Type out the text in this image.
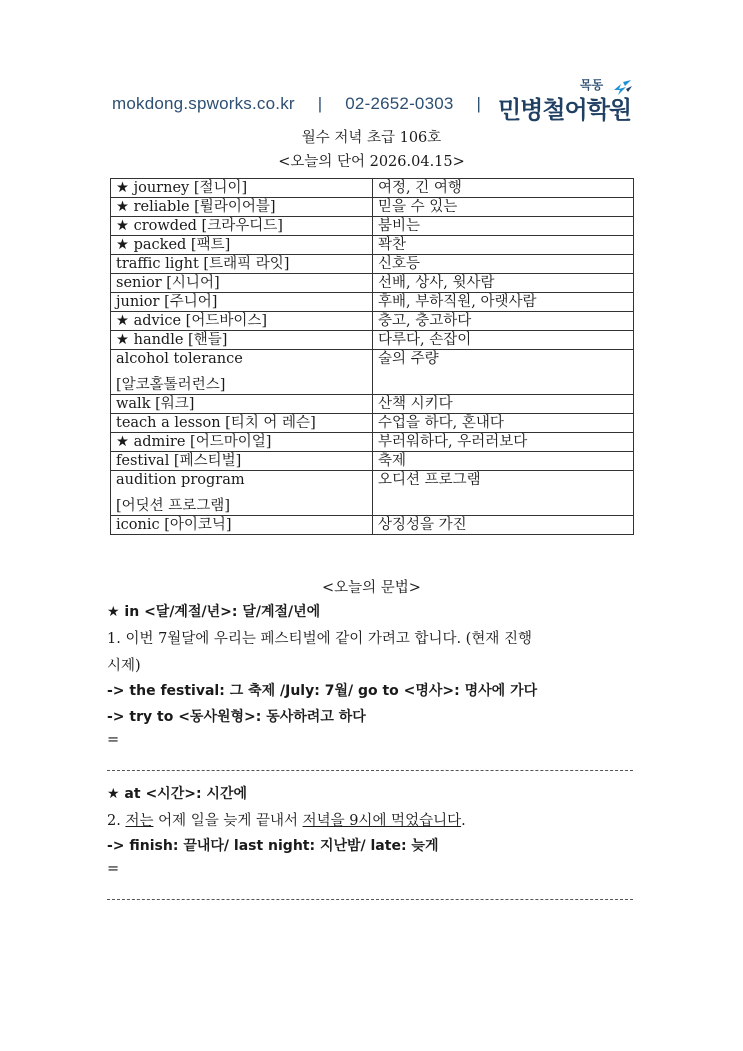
mokdong.spworks.co.kr | 02-2652-0303 |
목동
민병철어학원
월수 저녁 초급 106호
<오늘의 단어 2026.04.15>
★ journey [절니이]	여정, 긴 여행
★ reliable [륄라이어블]	믿을 수 있는
★ crowded [크라우디드]	붐비는
★ packed [팩트]	꽉찬
traffic light [트래픽 라잇]	신호등
senior [시니어]	선배, 상사, 윗사람
junior [주니어]	후배, 부하직원, 아랫사람
★ advice [어드바이스]	충고, 충고하다
★ handle [핸들]	다루다, 손잡이
alcohol tolerance
[알코홀톨러런스]	술의 주량
walk [워크]	산책 시키다
teach a lesson [티치 어 레슨]	수업을 하다, 혼내다
★ admire [어드마이얼]	부러워하다, 우러러보다
festival [페스티벌]	축제
audition program
[어딧션 프로그램]	오디션 프로그램
iconic [아이코닉]	상징성을 가진
<오늘의 문법>
★ in <달/계절/년>: 달/계절/년에
1. 이번 7월달에 우리는 페스티벌에 같이 가려고 합니다. (현재 진행
시제)
-> the festival: 그 축제 /July: 7월/ go to <명사>: 명사에 가다
-> try to <동사원형>: 동사하려고 하다
=
★ at <시간>: 시간에
2. 저는 어제 일을 늦게 끝내서 저녁을 9시에 먹었습니다.
-> finish: 끝내다/ last night: 지난밤/ late: 늦게
=
